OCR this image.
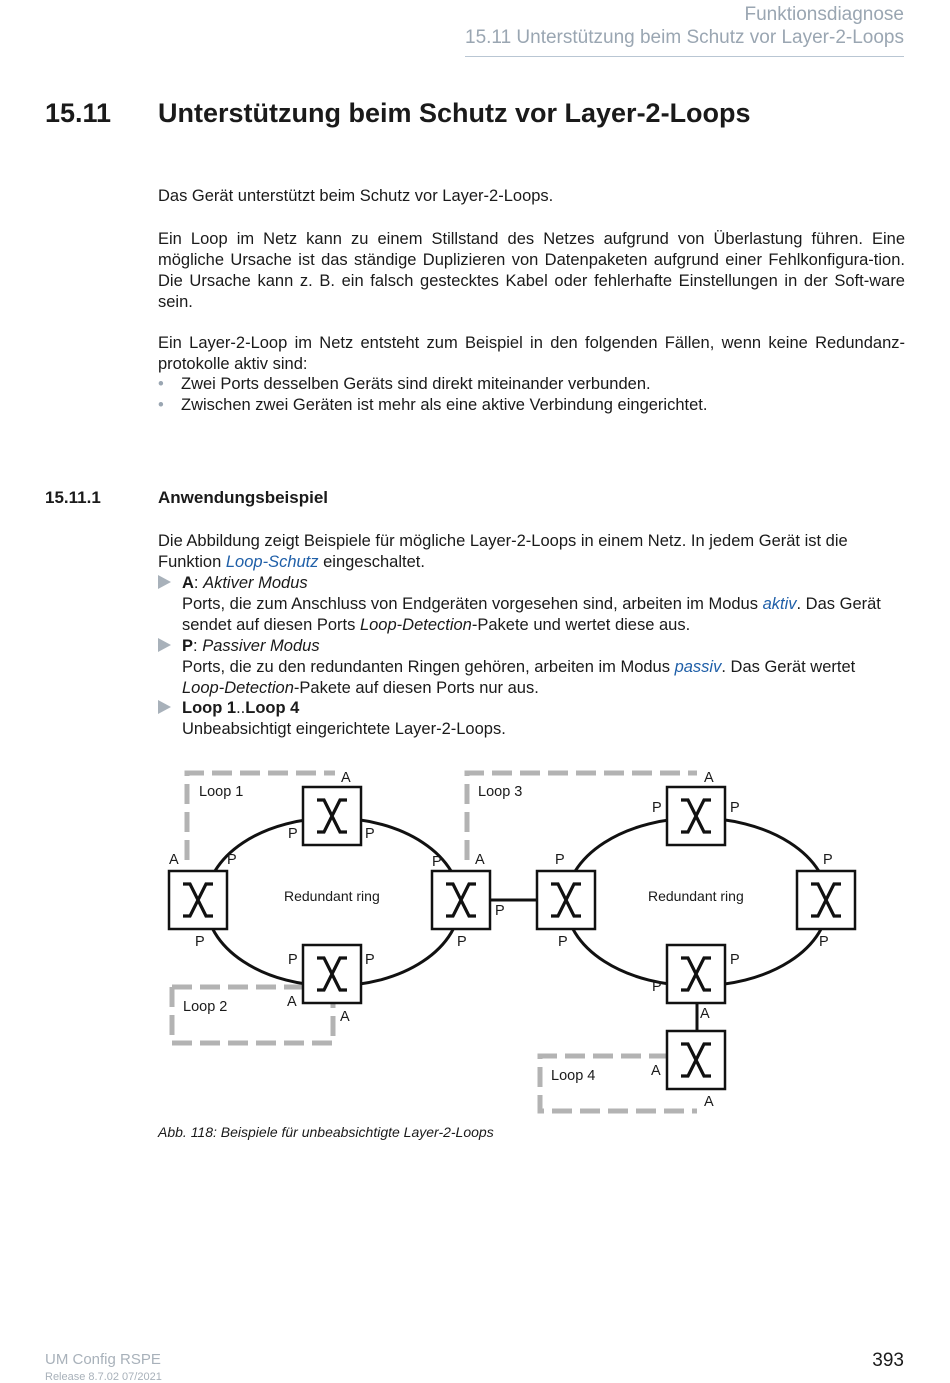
Funktionsdiagnose
15.11 Unterstützung beim Schutz vor Layer-2-Loops
15.11 Unterstützung beim Schutz vor Layer-2-Loops
Das Gerät unterstützt beim Schutz vor Layer-2-Loops.
Ein Loop im Netz kann zu einem Stillstand des Netzes aufgrund von Überlastung führen. Eine mögliche Ursache ist das ständige Duplizieren von Datenpaketen aufgrund einer Fehlkonfigura-tion. Die Ursache kann z. B. ein falsch gestecktes Kabel oder fehlerhafte Einstellungen in der Soft-ware sein.
Ein Layer-2-Loop im Netz entsteht zum Beispiel in den folgenden Fällen, wenn keine Redundanz-protokolle aktiv sind:
• Zwei Ports desselben Geräts sind direkt miteinander verbunden.
• Zwischen zwei Geräten ist mehr als eine aktive Verbindung eingerichtet.
15.11.1	Anwendungsbeispiel
Die Abbildung zeigt Beispiele für mögliche Layer-2-Loops in einem Netz. In jedem Gerät ist die
Funktion Loop-Schutz eingeschaltet.
A: Aktiver Modus
Ports, die zum Anschluss von Endgeräten vorgesehen sind, arbeiten im Modus aktiv. Das Gerät
sendet auf diesen Ports Loop-Detection-Pakete und wertet diese aus.
P: Passiver Modus
Ports, die zu den redundanten Ringen gehören, arbeiten im Modus passiv. Das Gerät wertet
Loop-Detection-Pakete auf diesen Ports nur aus.
Loop 1..Loop 4
Unbeabsichtigt eingerichtete Layer-2-Loops.
Loop 1
Loop 2
Loop 3
Loop 4
Redundant ring	Redundant ring
A
P	P
A	P
P
P A
P
P
P	P
A
A
A
P	P
P
P
P
P
P
P
A
A
A
Abb. 118: Beispiele für unbeabsichtigte Layer-2-Loops
UM Config RSPE
Release 8.7.02 07/2021
393
